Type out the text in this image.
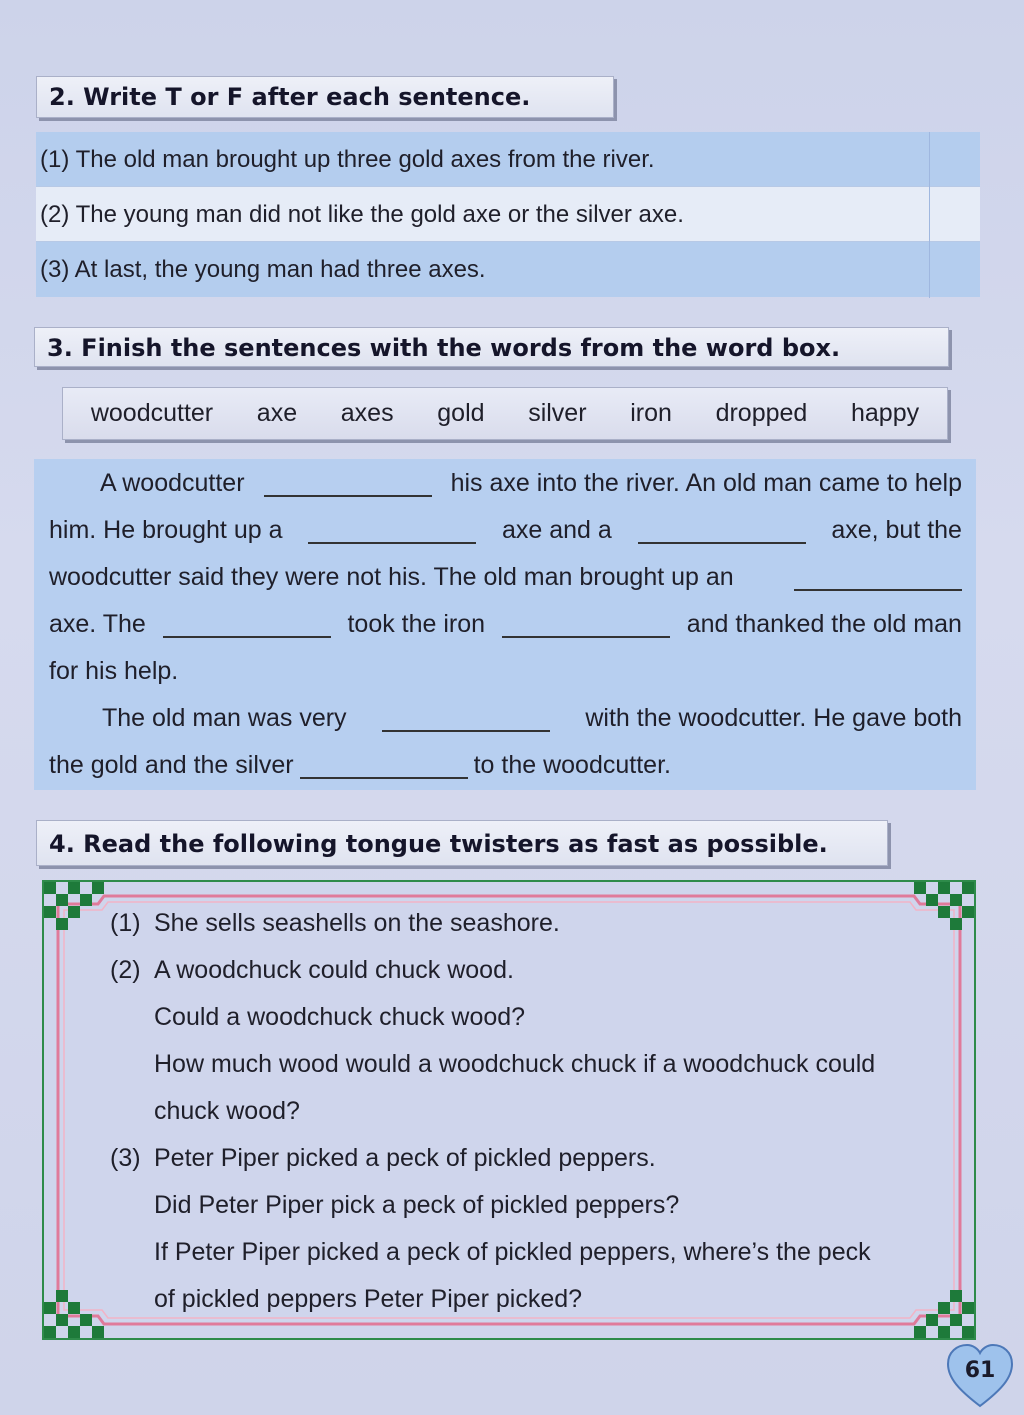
2. Write T or F after each sentence.
(1) The old man brought up three gold axes from the river.
(2) The young man did not like the gold axe or the silver axe.
(3) At last, the young man had three axes.
3. Finish the sentences with the words from the word box.
woodcutter axe axes gold silver iron dropped happy
A woodcutter	his axe into the river. An old man came to help
him. He brought up a	axe and a	axe, but the
woodcutter said they were not his. The old man brought up an
axe. The	took the iron	and thanked the old man
for his help.
The old man was very	with the woodcutter. He gave both
the gold and the silver	to the woodcutter.
4. Read the following tongue twisters as fast as possible.
(1) She sells seashells on the seashore.
(2) A woodchuck could chuck wood.
Could a woodchuck chuck wood?
How much wood would a woodchuck chuck if a woodchuck could
chuck wood?
(3) Peter Piper picked a peck of pickled peppers.
Did Peter Piper pick a peck of pickled peppers?
If Peter Piper picked a peck of pickled peppers, where’s the peck
of pickled peppers Peter Piper picked?
61
